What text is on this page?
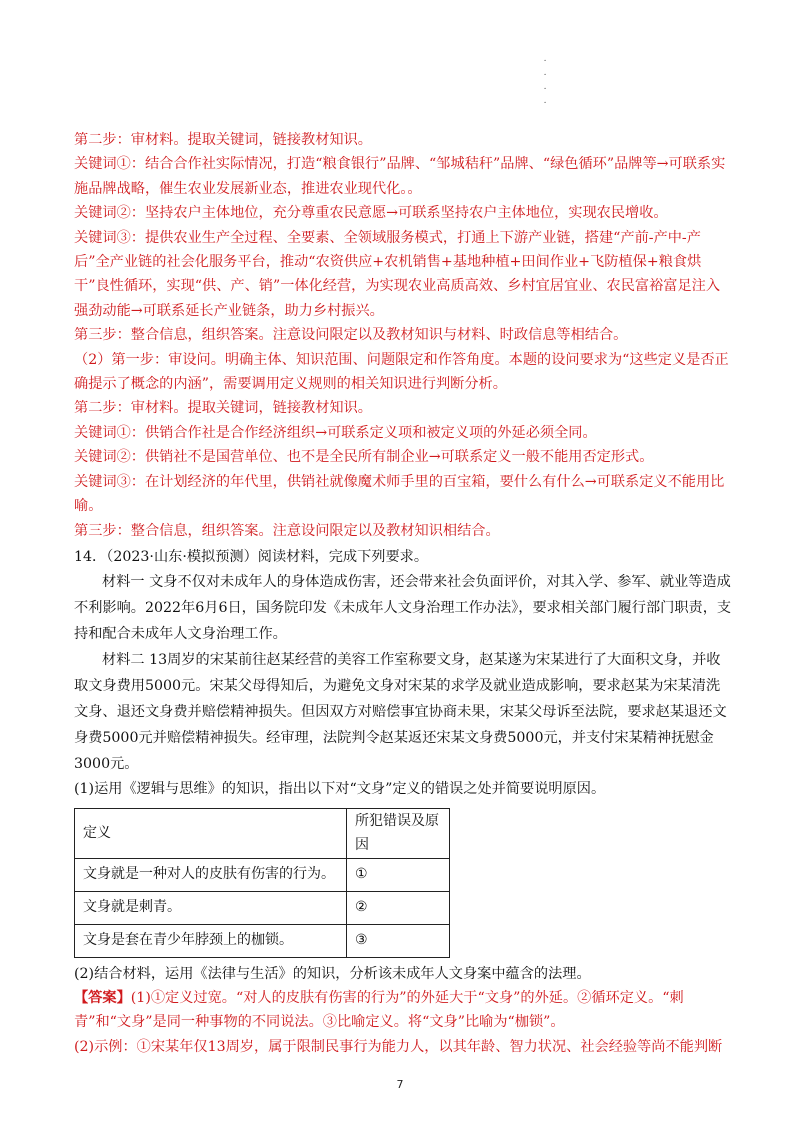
.
.
.
.

第二步：审材料。提取关键词，链接教材知识。

关键词①：结合合作社实际情况，打造“粮食银行”品牌、“邹城秸秆”品牌、“绿色循环”品牌等→可联系实施品牌战略，催生农业发展新业态，推进农业现代化。。

关键词②：坚持农户主体地位，充分尊重农民意愿→可联系坚持农户主体地位，实现农民增收。

关键词③：提供农业生产全过程、全要素、全领域服务模式，打通上下游产业链，搭建“产前-产中-产后”全产业链的社会化服务平台，推动“农资供应+农机销售+基地种植+田间作业+飞防植保+粮食烘干”良性循环，实现“供、产、销”一体化经营，为实现农业高质高效、乡村宜居宜业、农民富裕富足注入强劲动能→可联系延长产业链条，助力乡村振兴。

第三步：整合信息，组织答案。注意设问限定以及教材知识与材料、时政信息等相结合。

（2）第一步：审设问。明确主体、知识范围、问题限定和作答角度。本题的设问要求为“这些定义是否正确提示了概念的内涵”，需要调用定义规则的相关知识进行判断分析。

第二步：审材料。提取关键词，链接教材知识。

关键词①：供销合作社是合作经济组织→可联系定义项和被定义项的外延必须全同。

关键词②：供销社不是国营单位、也不是全民所有制企业→可联系定义一般不能用否定形式。

关键词③：在计划经济的年代里，供销社就像魔术师手里的百宝箱，要什么有什么→可联系定义不能用比喻。

第三步：整合信息，组织答案。注意设问限定以及教材知识相结合。

14．（2023·山东·模拟预测）阅读材料，完成下列要求。

材料一 文身不仅对未成年人的身体造成伤害，还会带来社会负面评价，对其入学、参军、就业等造成不利影响。2022年6月6日，国务院印发《未成年人文身治理工作办法》，要求相关部门履行部门职责，支持和配合未成年人文身治理工作。

材料二 13周岁的宋某前往赵某经营的美容工作室称要文身，赵某遂为宋某进行了大面积文身，并收取文身费用5000元。宋某父母得知后，为避免文身对宋某的求学及就业造成影响，要求赵某为宋某清洗文身、退还文身费并赔偿精神损失。但因双方对赔偿事宜协商未果，宋某父母诉至法院，要求赵某退还文身费5000元并赔偿精神损失。经审理，法院判令赵某返还宋某文身费5000元，并支付宋某精神抚慰金3000元。

(1)运用《逻辑与思维》的知识，指出以下对“文身”定义的错误之处并简要说明原因。

定义	所犯错误及原因
文身就是一种对人的皮肤有伤害的行为。	①
文身就是刺青。	②
文身是套在青少年脖颈上的枷锁。	③

(2)结合材料，运用《法律与生活》的知识，分析该未成年人文身案中蕴含的法理。

【答案】(1)①定义过宽。“对人的皮肤有伤害的行为”的外延大于“文身”的外延。②循环定义。“刺青”和“文身”是同一种事物的不同说法。③比喻定义。将“文身”比喻为“枷锁”。

(2)示例：①宋某年仅13周岁，属于限制民事行为能力人，以其年龄、智力状况、社会经验等尚不能判断

7
